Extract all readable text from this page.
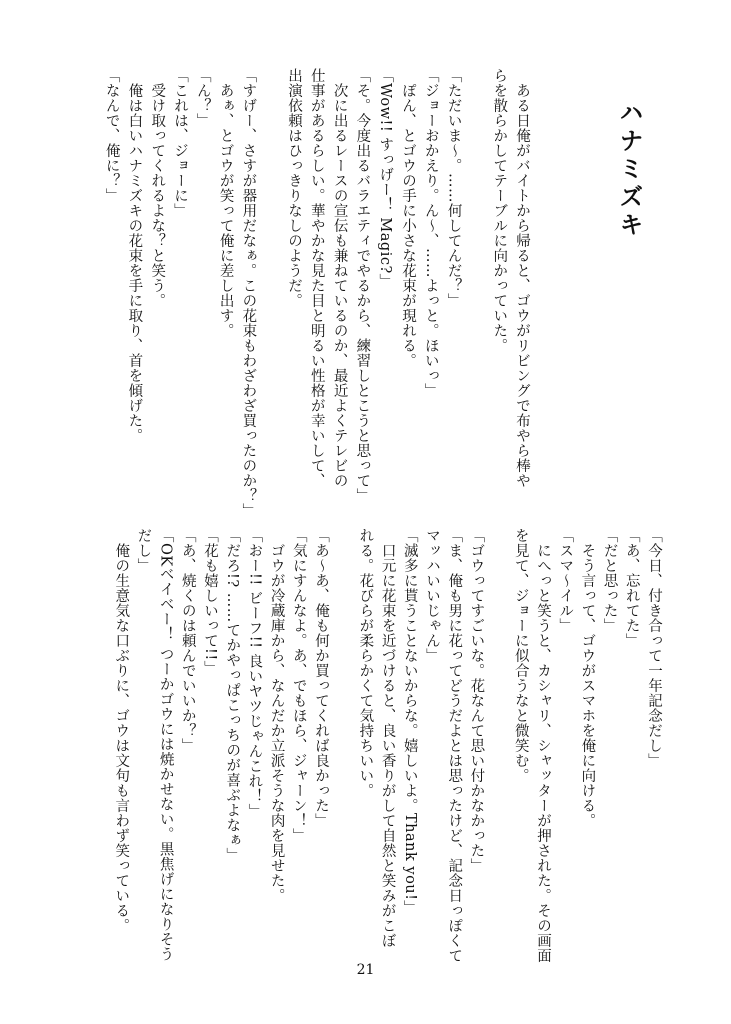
ハナミズキ
　ある日俺がバイトから帰ると、ゴウがリビングで布やら棒や
らを散らかしてテーブルに向かっていた。
「ただいま～。……何してんだ？」
「ジョーおかえり。ん～、……よっと。ほいっ」
　ぽん、とゴウの手に小さな花束が現れる。
「Wow!! すっげー！ Magic?」
「そ。今度出るバラエティでやるから、練習しとこうと思って」
　次に出るレースの宣伝も兼ねているのか、最近よくテレビの
仕事があるらしい。華やかな見た目と明るい性格が幸いして、
出演依頼はひっきりなしのようだ。
「すげー、さすが器用だなぁ。この花束もわざわざ買ったのか？」
　あぁ、とゴウが笑って俺に差し出す。
「ん？」
「これは、ジョーに」
　受け取ってくれるよな？と笑う。
　俺は白いハナミズキの花束を手に取り、首を傾げた。
「なんで、俺に？」
「今日、付き合って一年記念だし」
「あ、忘れてた」
「だと思った」
　そう言って、ゴウがスマホを俺に向ける。
「スマ～イル」
　にへっと笑うと、カシャリ、シャッターが押された。その画面
を見て、ジョーに似合うなと微笑む。
「ゴウってすごいな。花なんて思い付かなかった」
「ま、俺も男に花ってどうだよとは思ったけど、記念日っぽくて
マッハいいじゃん」
「滅多に貰うことないからな。嬉しいよ。Thank you!」
　口元に花束を近づけると、良い香りがして自然と笑みがこぼ
れる。花びらが柔らかくて気持ちいい。
「あ～あ、俺も何か買ってくれば良かった」
「気にすんなよ。あ、でもほら、ジャーン！」
　ゴウが冷蔵庫から、なんだか立派そうな肉を見せた。
「おー!! ビーフ!! 良いヤツじゃんこれ！」
「だろ!? ……てかやっぱこっちのが喜ぶよなぁ」
「花も嬉しいって!!」
「あ、焼くのは頼んでいいか？」
「OKベイベー！ つーかゴウには焼かせない。黒焦げになりそう
だし」
　俺の生意気な口ぶりに、ゴウは文句も言わず笑っている。
21
